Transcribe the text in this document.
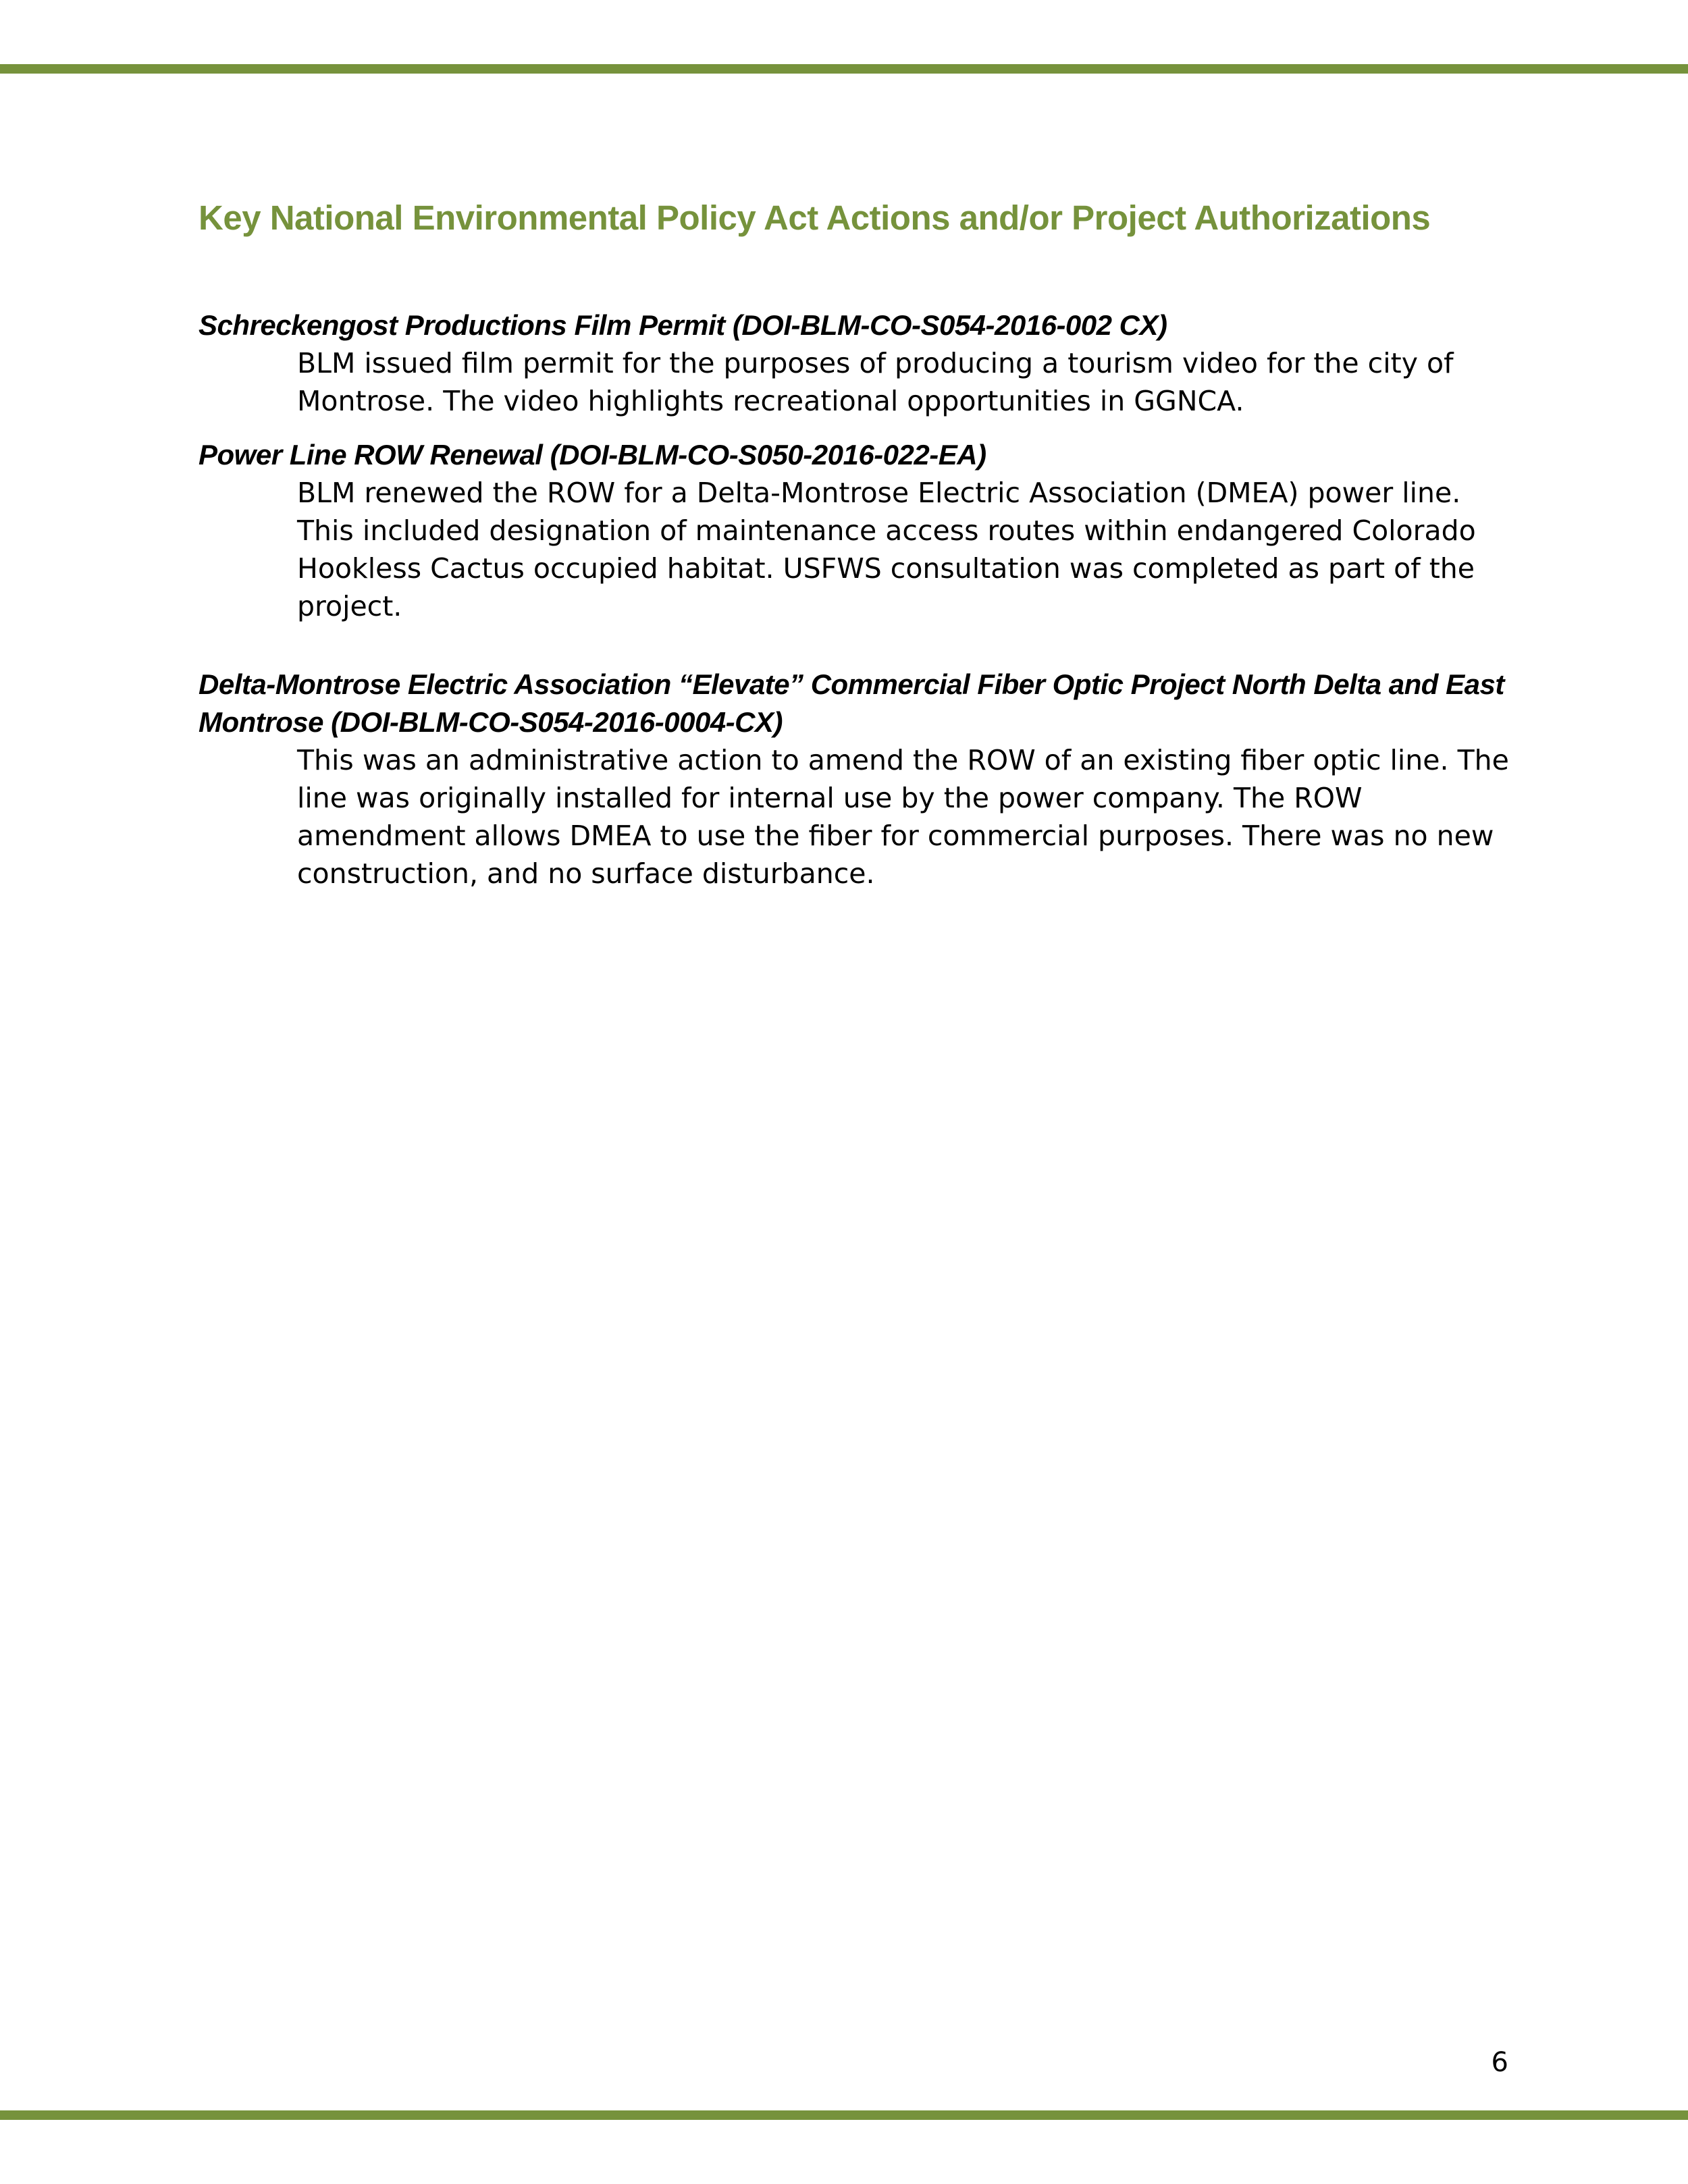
Key National Environmental Policy Act Actions and/or Project Authorizations

Schreckengost Productions Film Permit (DOI-BLM-CO-S054-2016-002 CX)

BLM issued film permit for the purposes of producing a tourism video for the city of Montrose. The video highlights recreational opportunities in GGNCA.

Power Line ROW Renewal (DOI-BLM-CO-S050-2016-022-EA)

BLM renewed the ROW for a Delta-Montrose Electric Association (DMEA) power line. This included designation of maintenance access routes within endangered Colorado Hookless Cactus occupied habitat. USFWS consultation was completed as part of the project.

Delta-Montrose Electric Association “Elevate” Commercial Fiber Optic Project North Delta and East Montrose (DOI-BLM-CO-S054-2016-0004-CX)

This was an administrative action to amend the ROW of an existing fiber optic line. The line was originally installed for internal use by the power company. The ROW amendment allows DMEA to use the fiber for commercial purposes. There was no new construction, and no surface disturbance.

6
